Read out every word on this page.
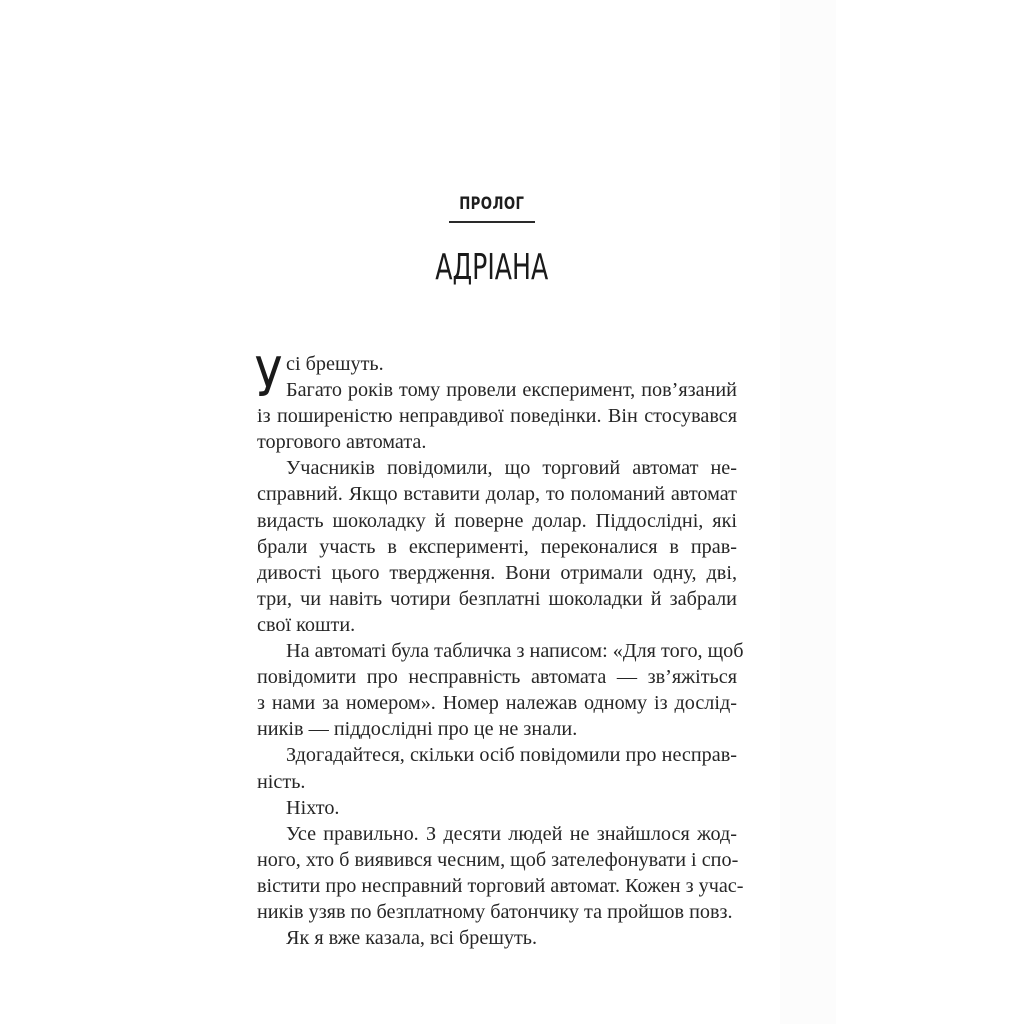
ПРОЛОГ
АДРІАНА
У сі брешуть.
Багато років тому провели експеримент, пов’язаний
із поширеністю неправдивої поведінки. Він стосувався
торгового автомата.
Учасників повідомили, що торговий автомат не-
справний. Якщо вставити долар, то поломаний автомат
видасть шоколадку й поверне долар. Піддослідні, які
брали участь в експерименті, переконалися в прав-
дивості цього твердження. Вони отримали одну, дві,
три, чи навіть чотири безплатні шоколадки й забрали
свої кошти.
На автоматі була табличка з написом: «Для того, щоб
повідомити про несправність автомата — зв’яжіться
з нами за номером». Номер належав одному із дослід-
ників — піддослідні про це не знали.
Здогадайтеся, скільки осіб повідомили про несправ-
ність.
Ніхто.
Усе правильно. З десяти людей не знайшлося жод-
ного, хто б виявився чесним, щоб зателефонувати і спо-
вістити про несправний торговий автомат. Кожен з учас-
ників узяв по безплатному батончику та пройшов повз.
Як я вже казала, всі брешуть.
